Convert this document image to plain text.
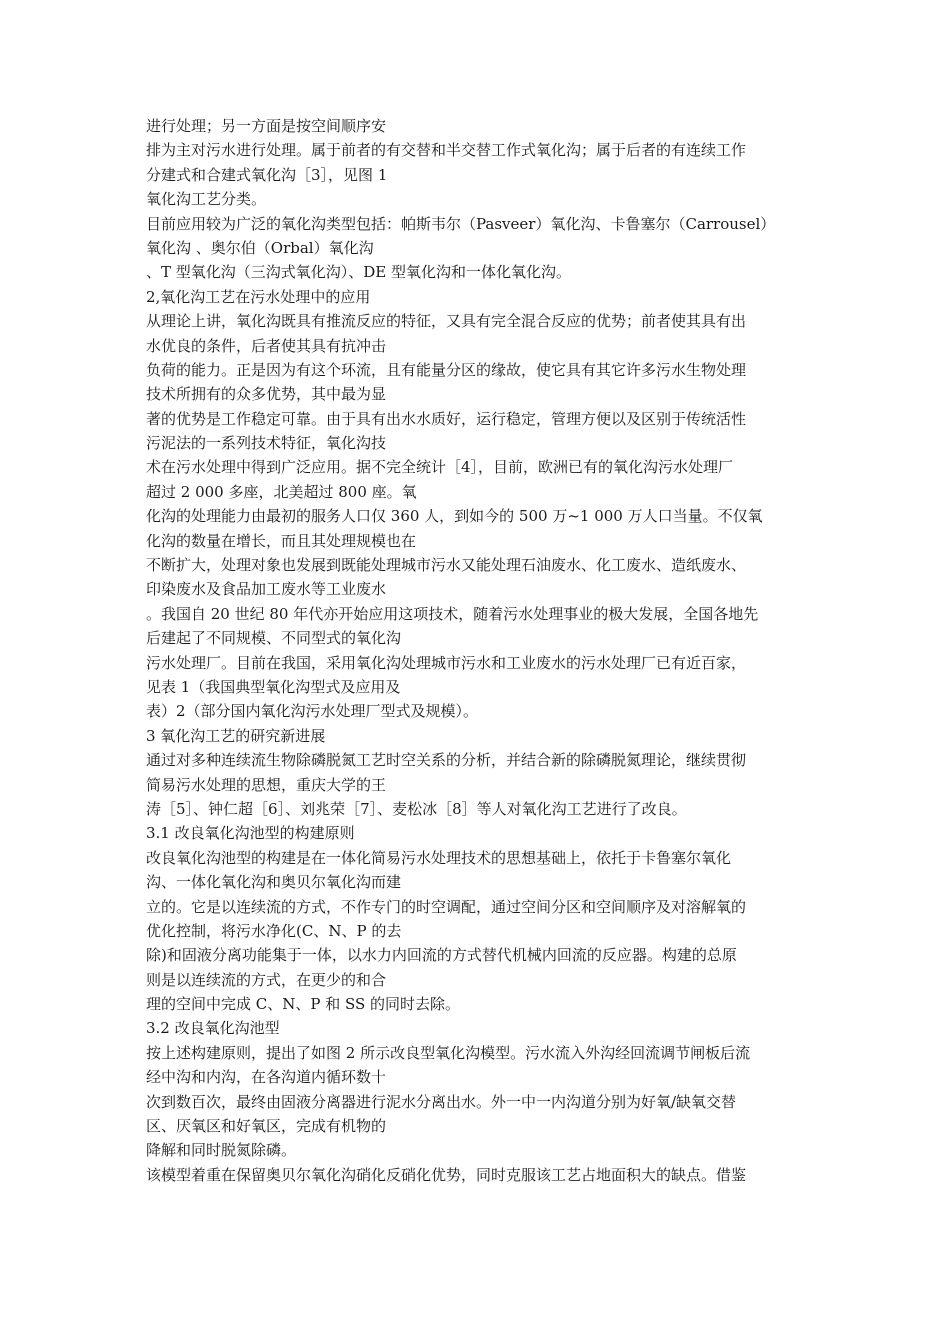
进行处理；另一方面是按空间顺序安
排为主对污水进行处理。属于前者的有交替和半交替工作式氧化沟；属于后者的有连续工作
分建式和合建式氧化沟［3］，见图 1
氧化沟工艺分类。
目前应用较为广泛的氧化沟类型包括：帕斯韦尔（Pasveer）氧化沟、卡鲁塞尔（Carrousel）
氧化沟 、奥尔伯（Orbal）氧化沟
、T 型氧化沟（三沟式氧化沟）、DE 型氧化沟和一体化氧化沟。
2,氧化沟工艺在污水处理中的应用
从理论上讲，氧化沟既具有推流反应的特征，又具有完全混合反应的优势；前者使其具有出
水优良的条件，后者使其具有抗冲击
负荷的能力。正是因为有这个环流，且有能量分区的缘故，使它具有其它许多污水生物处理
技术所拥有的众多优势，其中最为显
著的优势是工作稳定可靠。由于具有出水水质好，运行稳定，管理方便以及区别于传统活性
污泥法的一系列技术特征，氧化沟技
术在污水处理中得到广泛应用。据不完全统计［4］，目前，欧洲已有的氧化沟污水处理厂
超过 2 000 多座，北美超过 800 座。氧
化沟的处理能力由最初的服务人口仅 360 人，到如今的 500 万~1 000 万人口当量。不仅氧
化沟的数量在增长，而且其处理规模也在
不断扩大，处理对象也发展到既能处理城市污水又能处理石油废水、化工废水、造纸废水、
印染废水及食品加工废水等工业废水
。我国自 20 世纪 80 年代亦开始应用这项技术，随着污水处理事业的极大发展，全国各地先
后建起了不同规模、不同型式的氧化沟
污水处理厂。目前在我国，采用氧化沟处理城市污水和工业废水的污水处理厂已有近百家，
见表 1（我国典型氧化沟型式及应用及
表）2（部分国内氧化沟污水处理厂型式及规模）。
3 氧化沟工艺的研究新进展
通过对多种连续流生物除磷脱氮工艺时空关系的分析，并结合新的除磷脱氮理论，继续贯彻
简易污水处理的思想，重庆大学的王
涛［5］、钟仁超［6］、刘兆荣［7］、麦松冰［8］等人对氧化沟工艺进行了改良。
3.1 改良氧化沟池型的构建原则
改良氧化沟池型的构建是在一体化简易污水处理技术的思想基础上，依托于卡鲁塞尔氧化
沟、一体化氧化沟和奥贝尔氧化沟而建
立的。它是以连续流的方式，不作专门的时空调配，通过空间分区和空间顺序及对溶解氧的
优化控制，将污水净化(C、N、P 的去
除)和固液分离功能集于一体，以水力内回流的方式替代机械内回流的反应器。构建的总原
则是以连续流的方式，在更少的和合
理的空间中完成 C、N、P 和 SS 的同时去除。
3.2 改良氧化沟池型
按上述构建原则，提出了如图 2 所示改良型氧化沟模型。污水流入外沟经回流调节闸板后流
经中沟和内沟，在各沟道内循环数十
次到数百次，最终由固液分离器进行泥水分离出水。外一中一内沟道分别为好氧/缺氧交替
区、厌氧区和好氧区，完成有机物的
降解和同时脱氮除磷。
该模型着重在保留奥贝尔氧化沟硝化反硝化优势，同时克服该工艺占地面积大的缺点。借鉴
